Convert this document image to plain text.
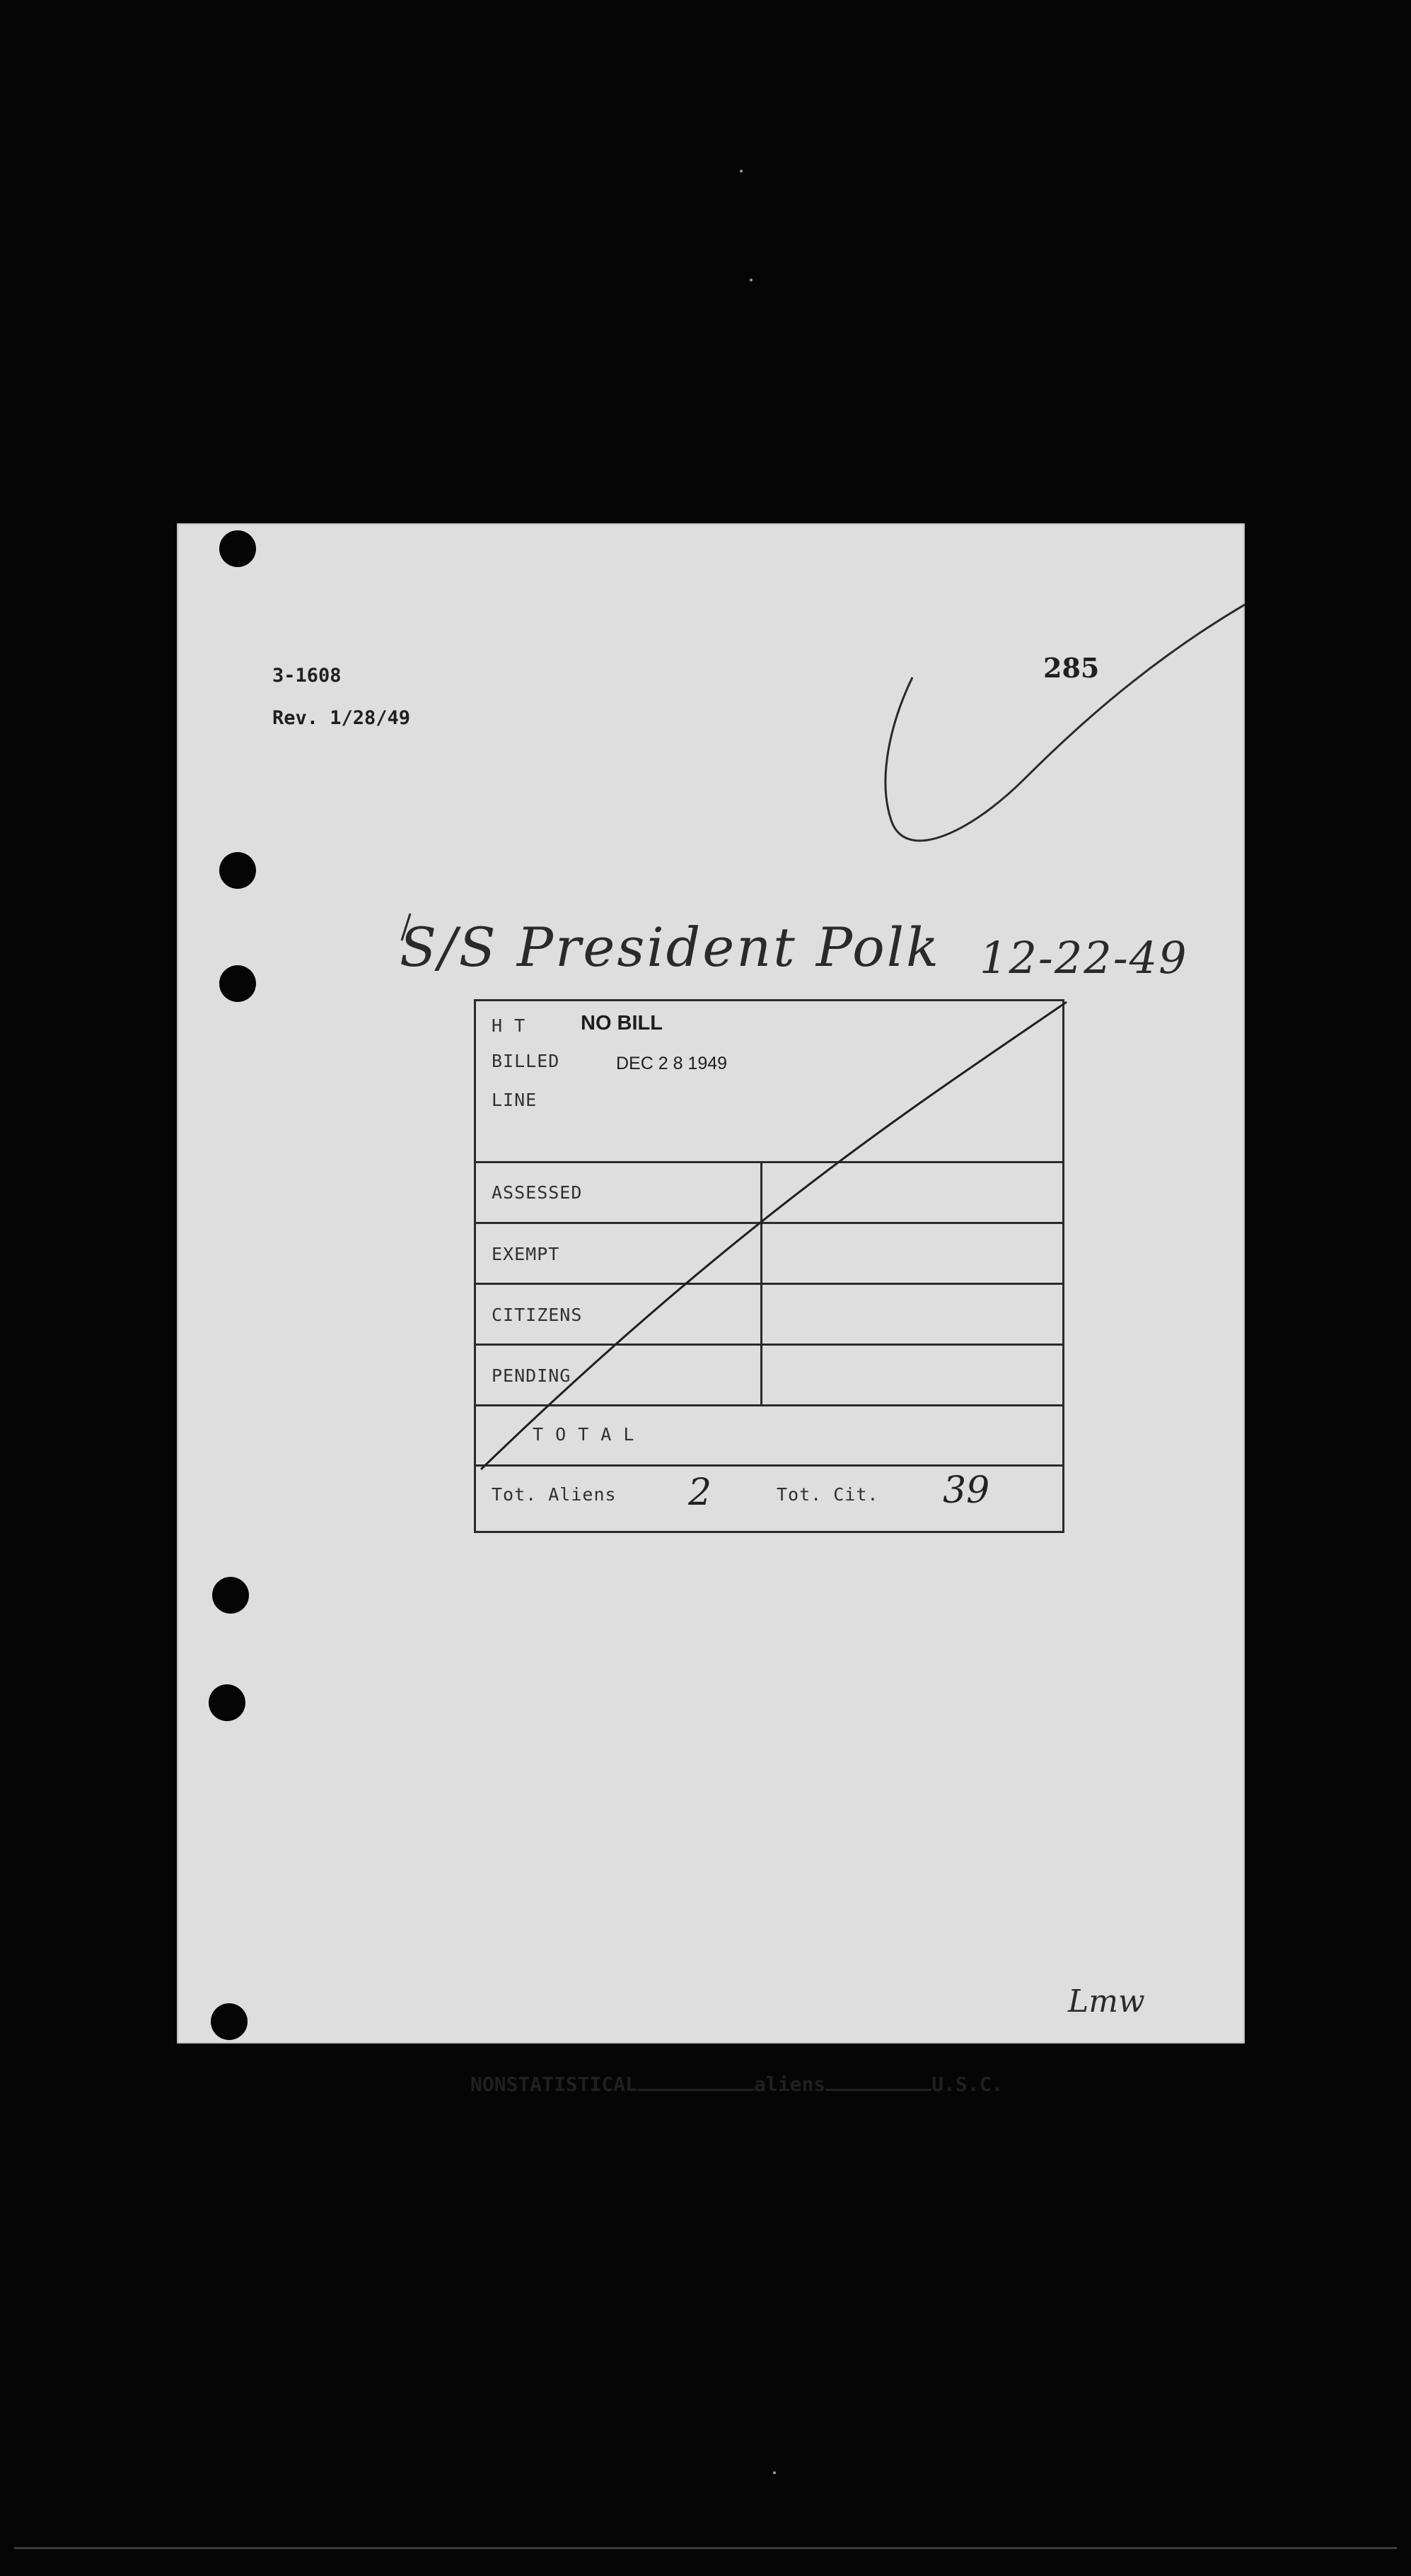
3-1608
Rev. 1/28/49
285
S/S President Polk 12-22-49
H T	NO BILL
BILLED	DEC 2 8 1949
LINE
ASSESSED
EXEMPT
CITIZENS
PENDING
T O T A L
Tot. Aliens 2	Tot. Cit. 39
Lmw
NONSTATISTICAL	aliens	U.S.C.
